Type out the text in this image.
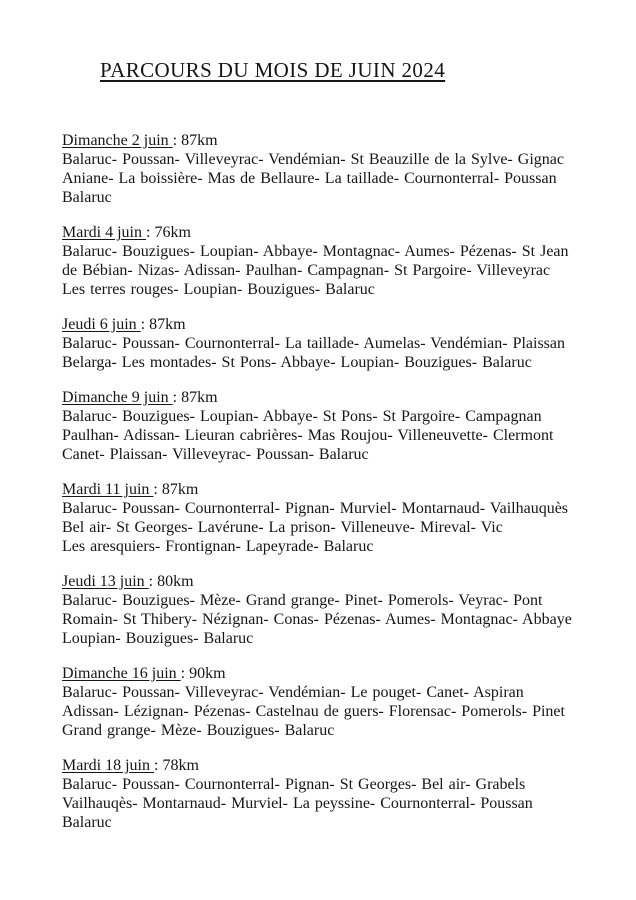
PARCOURS DU MOIS DE JUIN 2024

Dimanche 2 juin : 87km

Balaruc- Poussan- Villeveyrac- Vendémian- St Beauzille de la Sylve- Gignac
Aniane- La boissière- Mas de Bellaure- La taillade- Cournonterral- Poussan
Balaruc

Mardi 4 juin : 76km

Balaruc- Bouzigues- Loupian- Abbaye- Montagnac- Aumes- Pézenas- St Jean
de Bébian- Nizas- Adissan- Paulhan- Campagnan- St Pargoire- Villeveyrac
Les terres rouges- Loupian- Bouzigues- Balaruc

Jeudi 6 juin : 87km

Balaruc- Poussan- Cournonterral- La taillade- Aumelas- Vendémian- Plaissan
Belarga- Les montades- St Pons- Abbaye- Loupian- Bouzigues- Balaruc

Dimanche 9 juin : 87km

Balaruc- Bouzigues- Loupian- Abbaye- St Pons- St Pargoire- Campagnan
Paulhan- Adissan- Lieuran cabrières- Mas Roujou- Villeneuvette- Clermont
Canet- Plaissan- Villeveyrac- Poussan- Balaruc

Mardi 11 juin : 87km

Balaruc- Poussan- Cournonterral- Pignan- Murviel- Montarnaud- Vailhauquès
Bel air- St Georges- Lavérune- La prison- Villeneuve- Mireval- Vic
Les aresquiers- Frontignan- Lapeyrade- Balaruc

Jeudi 13 juin : 80km

Balaruc- Bouzigues- Mèze- Grand grange- Pinet- Pomerols- Veyrac- Pont
Romain- St Thibery- Nézignan- Conas- Pézenas- Aumes- Montagnac- Abbaye
Loupian- Bouzigues- Balaruc

Dimanche 16 juin : 90km

Balaruc- Poussan- Villeveyrac- Vendémian- Le pouget- Canet- Aspiran
Adissan- Lézignan- Pézenas- Castelnau de guers- Florensac- Pomerols- Pinet
Grand grange- Mèze- Bouzigues- Balaruc

Mardi 18 juin : 78km

Balaruc- Poussan- Cournonterral- Pignan- St Georges- Bel air- Grabels
Vailhauqès- Montarnaud- Murviel- La peyssine- Cournonterral- Poussan
Balaruc
